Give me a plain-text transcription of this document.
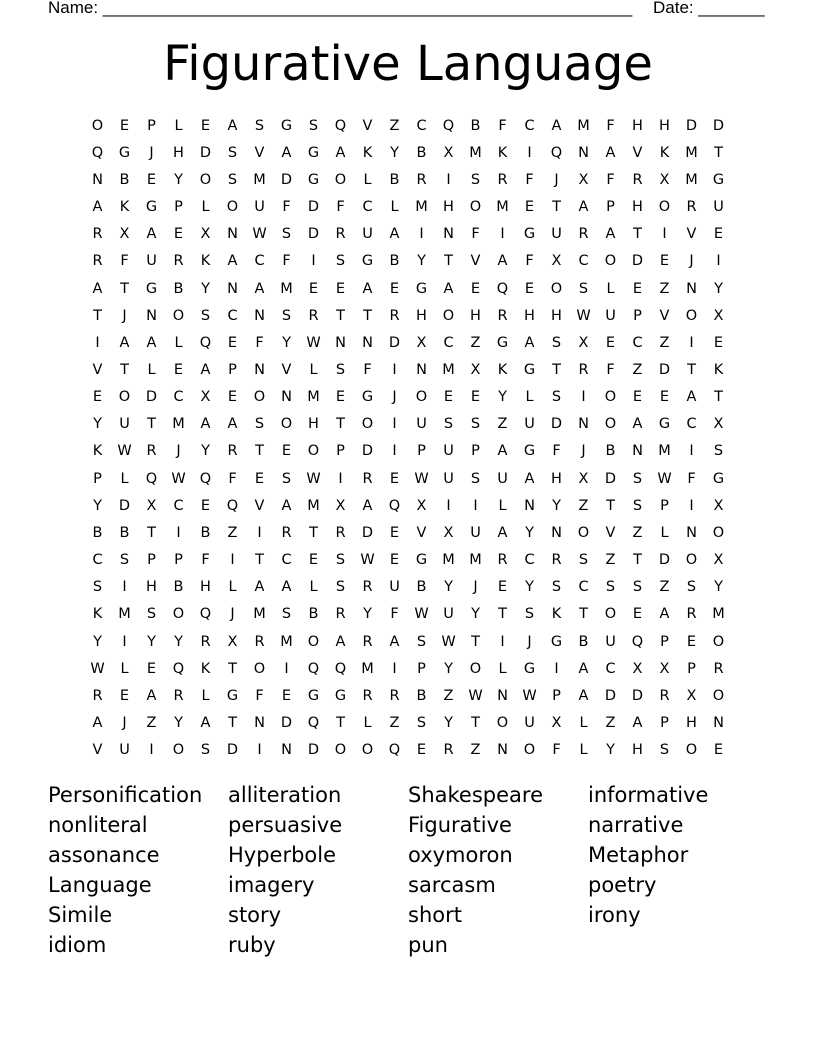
Name: ________________________________________________________ Date: _______
Figurative Language
O	E	P	L	E	A	S	G	S	Q	V	Z	C	Q	B	F	C	A	M	F	H	H	D	D
Q	G	J	H	D	S	V	A	G	A	K	Y	B	X	M	K	I	Q	N	A	V	K	M	T
N	B	E	Y	O	S	M	D	G	O	L	B	R	I	S	R	F	J	X	F	R	X	M	G
A	K	G	P	L	O	U	F	D	F	C	L	M	H	O	M	E	T	A	P	H	O	R	U
R	X	A	E	X	N W	S	D	R	U	A	I	N	F	I	G	U	R	A	T	I	V	E
R	F	U	R	K	A	C	F	I	S	G	B	Y	T	V	A	F	X	C	O	D	E	J	I
A	T	G	B	Y	N	A	M	E	E	A	E	G	A	E	Q	E	O	S	L	E	Z	N	Y
T	J	N	O	S	C	N	S	R	T	T	R	H	O	H	R	H	H W	U	P	V	O	X
I	A	A	L	Q	E	F	Y	W N	N	D	X	C	Z	G	A	S	X	E	C	Z	I	E
V	T	L	E	A	P	N	V	L	S	F	I	N	M	X	K	G	T	R	F	Z	D	T	K
E	O	D	C	X	E	O	N	M	E	G	J	O	E	E	Y	L	S	I	O	E	E	A	T
Y	U	T	M	A	A	S	O	H	T	O	I	U	S	S	Z	U	D	N	O	A	G	C	X
K	W	R	J	Y	R	T	E	O	P	D	I	P	U	P	A	G	F	J	B	N	M	I	S
P	L	Q W Q	F	E	S	W	I	R	E	W	U	S	U	A	H	X	D	S	W	F	G
Y	D	X	C	E	Q	V	A	M	X	A	Q	X	I	I	L	N	Y	Z	T	S	P	I	X
B	B	T	I	B	Z	I	R	T	R	D	E	V	X	U	A	Y	N	O	V	Z	L	N	O
C	S	P	P	F	I	T	C	E	S	W	E	G	M M	R	C	R	S	Z	T	D	O	X
S	I	H	B	H	L	A	A	L	S	R	U	B	Y	J	E	Y	S	C	S	S	Z	S	Y
K	M	S	O	Q	J	M	S	B	R	Y	F	W	U	Y	T	S	K	T	O	E	A	R	M
Y	I	Y	Y	R	X	R	M	O	A	R	A	S	W	T	I	J	G	B	U	Q	P	E	O
W	L	E	Q	K	T	O	I	Q	Q	M	I	P	Y	O	L	G	I	A	C	X	X	P	R
R	E	A	R	L	G	F	E	G	G	R	R	B	Z	W N W	P	A	D	D	R	X	O
A	J	Z	Y	A	T	N	D	Q	T	L	Z	S	Y	T	O	U	X	L	Z	A	P	H	N
V	U	I	O	S	D	I	N	D	O	O	Q	E	R	Z	N	O	F	L	Y	H	S	O	E
Personification
nonliteral
assonance
Language
Simile
idiom
alliteration
persuasive
Hyperbole
imagery
story
ruby
Shakespeare
Figurative
oxymoron
sarcasm
short
pun
informative
narrative
Metaphor
poetry
irony
